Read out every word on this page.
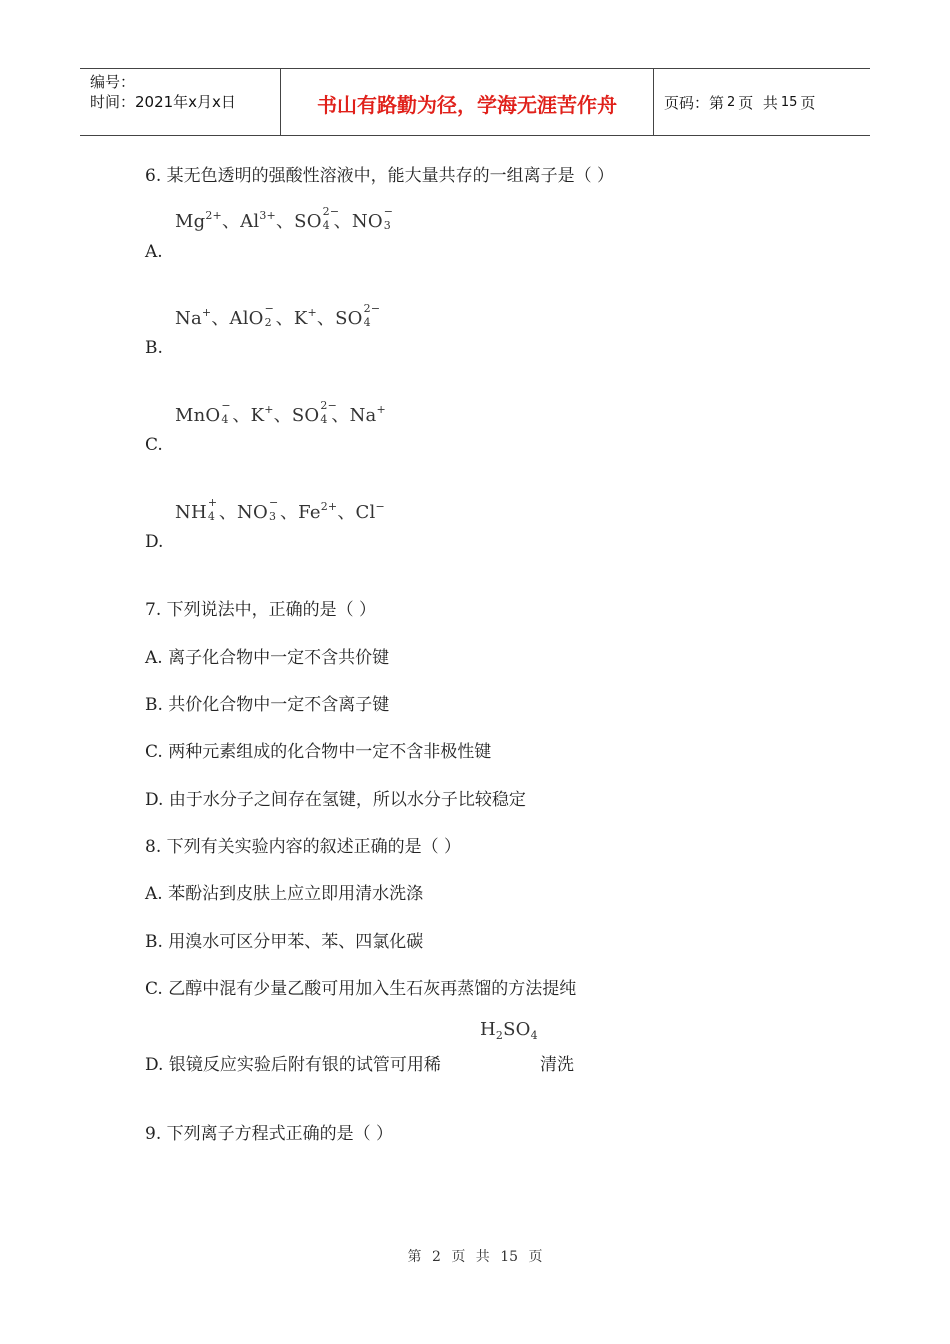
编号：
时间：2021年x月x日	书山有路勤为径，学海无涯苦作舟	页码：第 2 页  共 15 页
6. 某无色透明的强酸性溶液中，能大量共存的一组离子是（ ）
$Mg^{2+}$、$Al^{3+}$、SO 2−
4 、NO −
3
A.
Na+、AlO −
2 、K+、SO 2−
4
B.
MnO −
4 、K+、SO 2−
4 、Na+
C.
NH +
4 、NO −
3 、$Fe^{2+}$、Cl−
D.
7. 下列说法中，正确的是（ ）
A. 离子化合物中一定不含共价键
B. 共价化合物中一定不含离子键
C. 两种元素组成的化合物中一定不含非极性键
D. 由于水分子之间存在氢键，所以水分子比较稳定
8. 下列有关实验内容的叙述正确的是（ ）
A. 苯酚沾到皮肤上应立即用清水洗涤
B. 用溴水可区分甲苯、苯、四氯化碳
C. 乙醇中混有少量乙酸可用加入生石灰再蒸馏的方法提纯
$H_2SO_4$
D. 银镜反应实验后附有银的试管可用稀	清洗
9. 下列离子方程式正确的是（ ）
第 2 页 共 15 页
